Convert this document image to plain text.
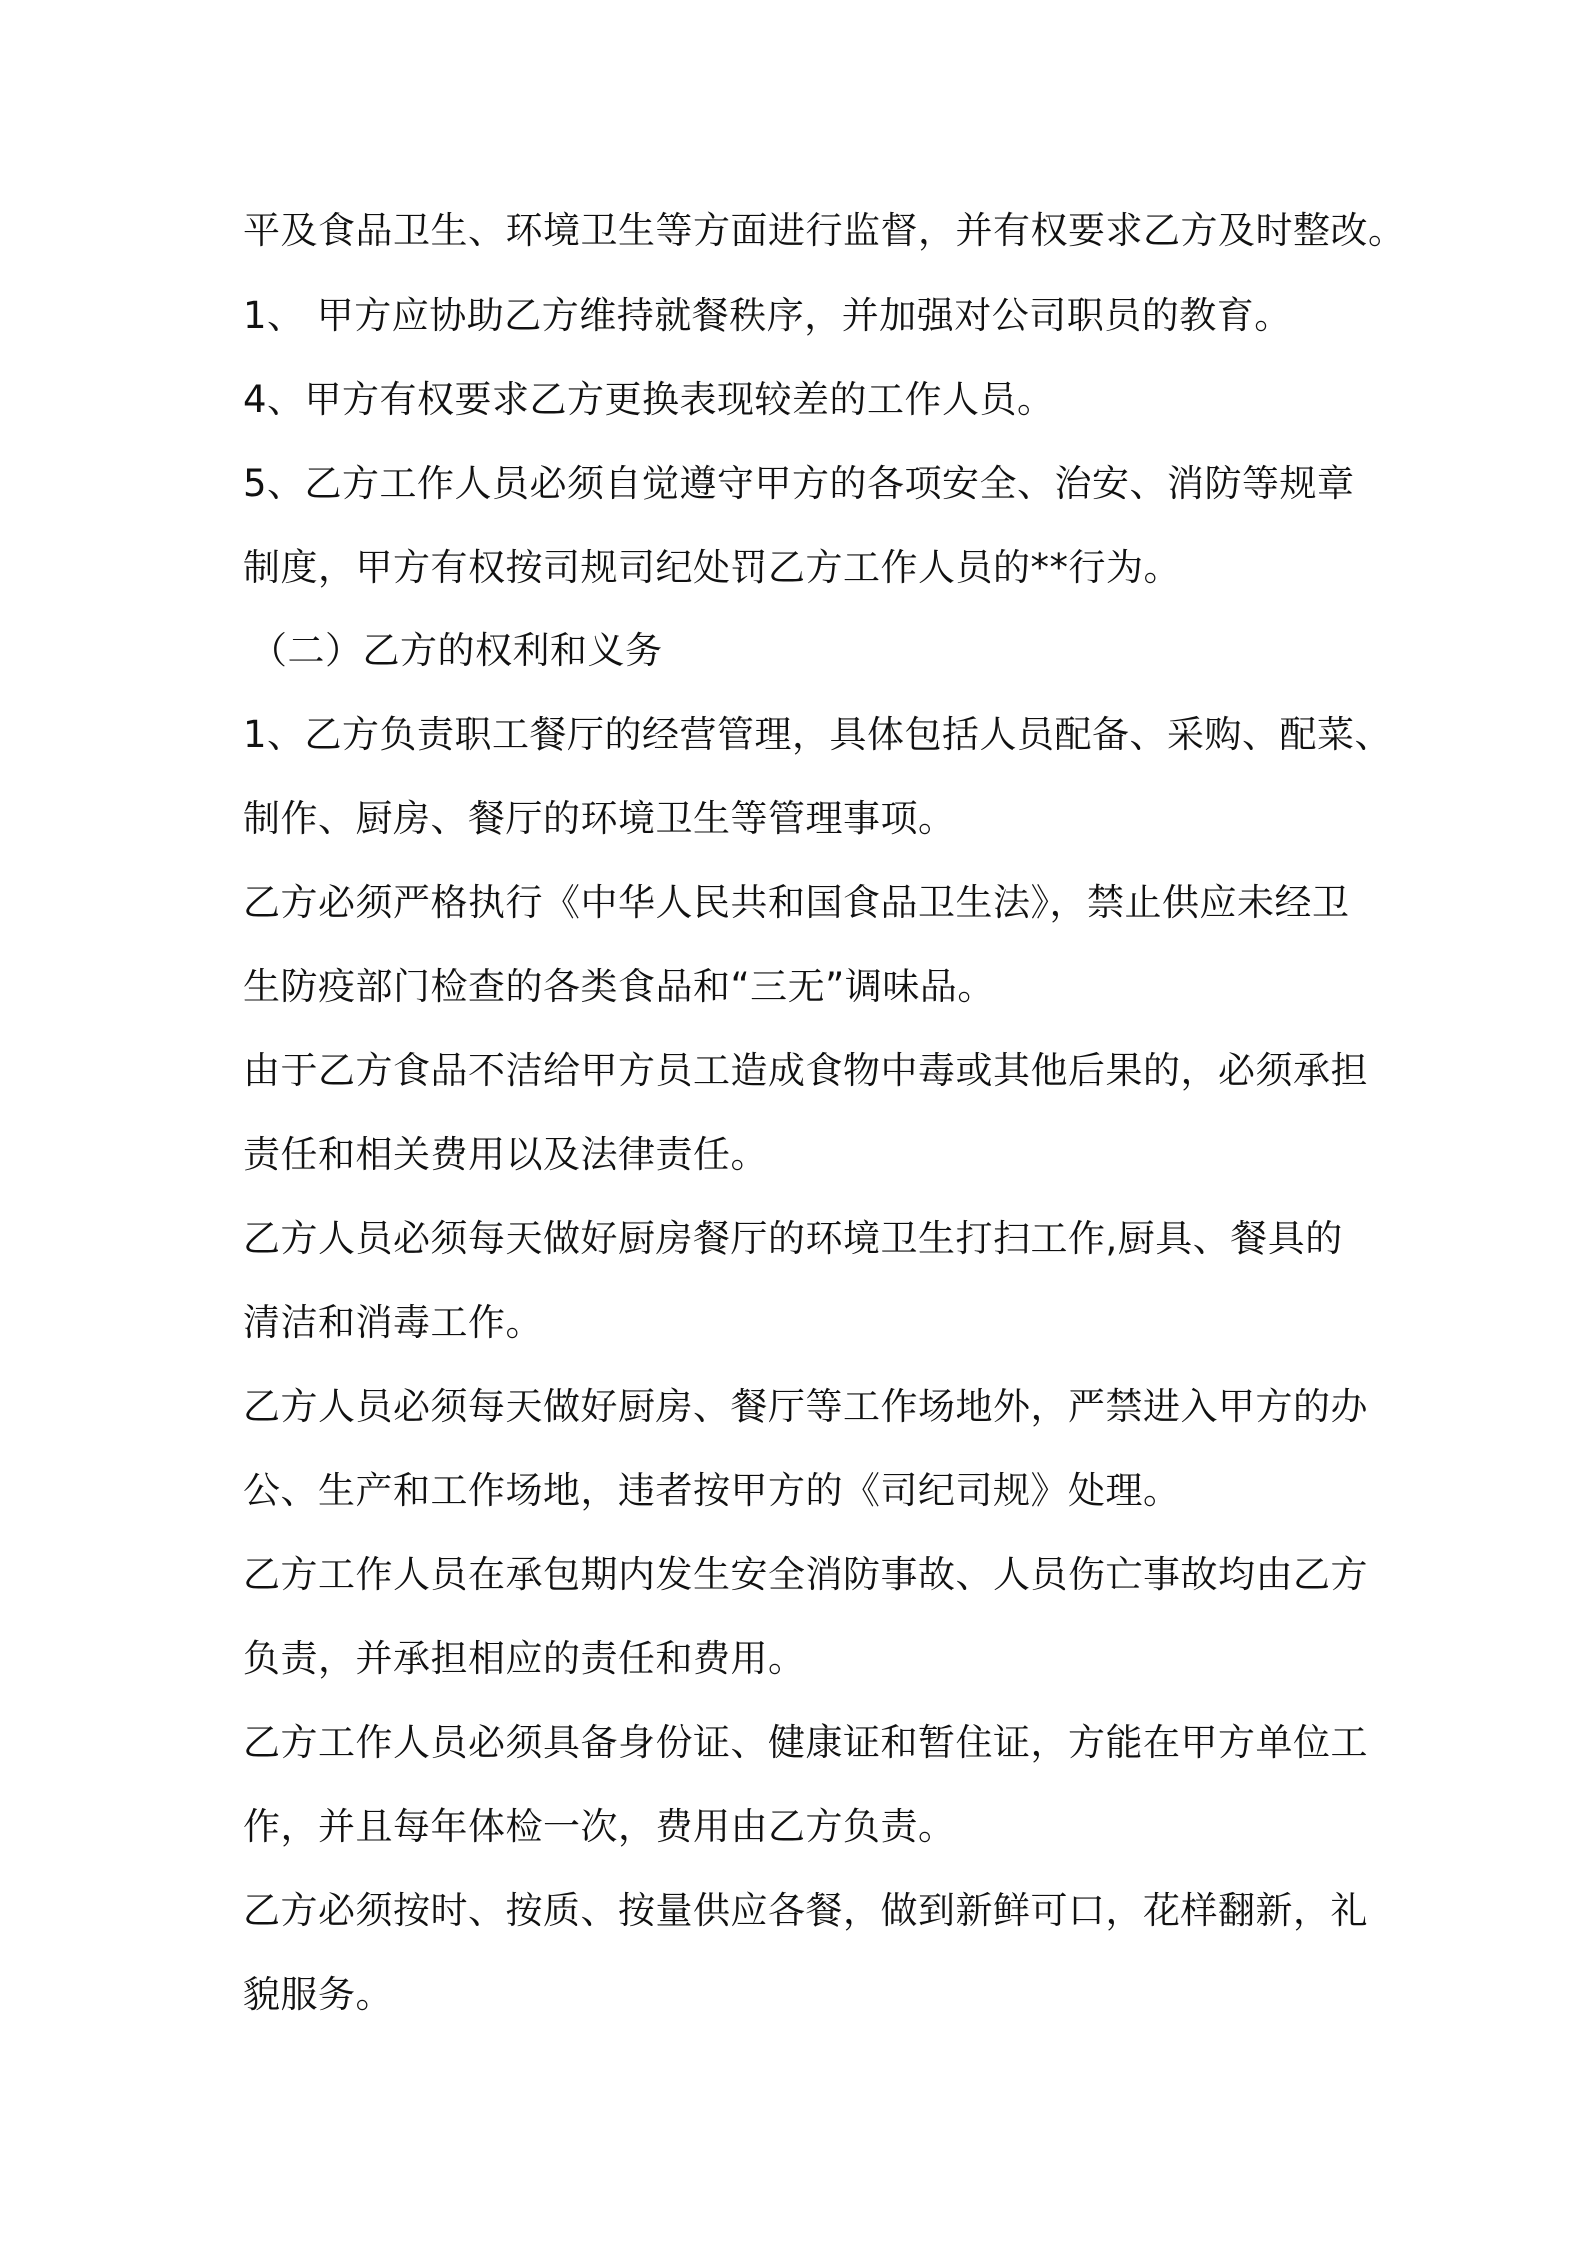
平及食品卫生、环境卫生等方面进行监督，并有权要求乙方及时整改。
1、 甲方应协助乙方维持就餐秩序，并加强对公司职员的教育。
4、甲方有权要求乙方更换表现较差的工作人员。
5、乙方工作人员必须自觉遵守甲方的各项安全、治安、消防等规章
制度，甲方有权按司规司纪处罚乙方工作人员的**行为。
（二）乙方的权利和义务
1、乙方负责职工餐厅的经营管理，具体包括人员配备、采购、配菜、
制作、厨房、餐厅的环境卫生等管理事项。
乙方必须严格执行《中华人民共和国食品卫生法》，禁止供应未经卫
生防疫部门检查的各类食品和“三无”调味品。
由于乙方食品不洁给甲方员工造成食物中毒或其他后果的，必须承担
责任和相关费用以及法律责任。
乙方人员必须每天做好厨房餐厅的环境卫生打扫工作,厨具、餐具的
清洁和消毒工作。
乙方人员必须每天做好厨房、餐厅等工作场地外，严禁进入甲方的办
公、生产和工作场地，违者按甲方的《司纪司规》处理。
乙方工作人员在承包期内发生安全消防事故、人员伤亡事故均由乙方
负责，并承担相应的责任和费用。
乙方工作人员必须具备身份证、健康证和暂住证，方能在甲方单位工
作，并且每年体检一次，费用由乙方负责。
乙方必须按时、按质、按量供应各餐，做到新鲜可口，花样翻新，礼
貌服务。
